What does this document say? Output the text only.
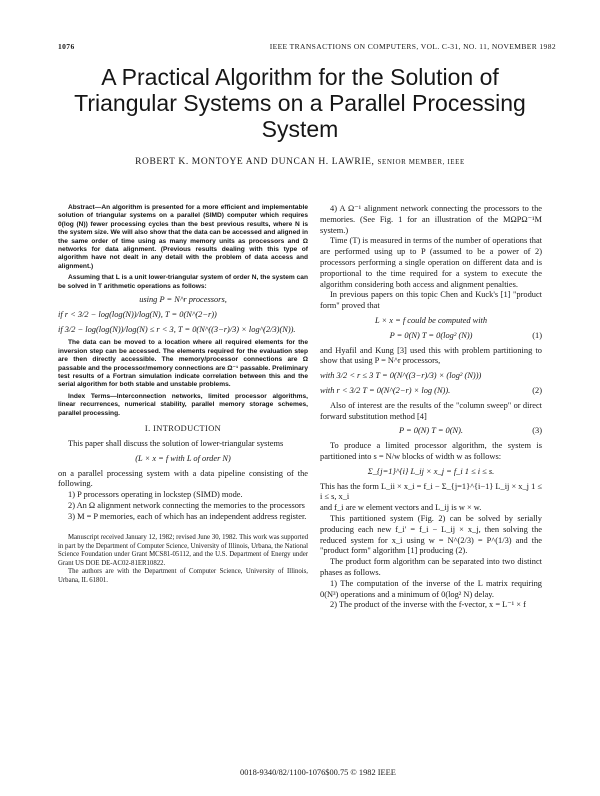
1076	IEEE TRANSACTIONS ON COMPUTERS, VOL. C-31, NO. 11, NOVEMBER 1982
A Practical Algorithm for the Solution of Triangular Systems on a Parallel Processing System
ROBERT K. MONTOYE AND DUNCAN H. LAWRIE, SENIOR MEMBER, IEEE

Abstract—An algorithm is presented for a more efficient and implementable solution of triangular systems on a parallel (SIMD) computer which requires 0(log (N)) fewer processing cycles than the best previous results, where N is the system size. We will also show that the data can be accessed and aligned in the same order of time using as many memory units as processors and Ω networks for data alignment. (Previous results dealing with this type of algorithm have not dealt in any detail with the problem of data access and alignment.)

Assuming that L is a unit lower-triangular system of order N, the system can be solved in T arithmetic operations as follows:

using P = N^r processors,
if r < 3/2 − log(log(N))/log(N), T = 0(N^(2−r))
if 3/2 − log(log(N))/log(N) ≤ r < 3, T = 0(N^((3−r)/3) × log^(2/3)(N)).

The data can be moved to a location where all required elements for the inversion step can be accessed. The elements required for the evaluation step are then directly accessible. The memory/processor connections are Ω passable and the processor/memory connections are Ω⁻¹ passable. Preliminary test results of a Fortran simulation indicate correlation between this and the serial algorithm for both stable and unstable problems.

Index Terms—Interconnection networks, limited processor algorithms, linear recurrences, numerical stability, parallel memory storage schemes, parallel processing.

I. INTRODUCTION

This paper shall discuss the solution of lower-triangular systems

(L × x = f with L of order N)

on a parallel processing system with a data pipeline consisting of the following.

1) P processors operating in lockstep (SIMD) mode.

2) An Ω alignment network connecting the memories to the processors

3) M = P memories, each of which has an independent address register.

Manuscript received January 12, 1982; revised June 30, 1982. This work was supported in part by the Department of Computer Science, University of Illinois, Urbana, the National Science Foundation under Grant MCS81-05112, and the U.S. Department of Energy under Grant US DOE DE-AC02-81ER10822.

The authors are with the Department of Computer Science, University of Illinois, Urbana, IL 61801.

4) A Ω⁻¹ alignment network connecting the processors to the memories. (See Fig. 1 for an illustration of the MΩPΩ⁻¹M system.)

Time (T) is measured in terms of the number of operations that are performed using up to P (assumed to be a power of 2) processors performing a single operation on different data and is proportional to the time required for a system to execute the algorithm considering both access and alignment penalties.

In previous papers on this topic Chen and Kuck's [1] "product form" proved that

L × x = f could be computed with
P = 0(N) T = 0(log² (N))	(1)

and Hyafil and Kung [3] used this with problem partitioning to show that using P = N^r processors,

with 3/2 < r ≤ 3 T = 0(N^((3−r)/3) × (log² (N)))
with r < 3/2 T = 0(N^(2−r) × log (N)).	(2)

Also of interest are the results of the "column sweep" or direct forward substitution method [4]

P = 0(N) T = 0(N).	(3)

To produce a limited processor algorithm, the system is partitioned into s = N/w blocks of width w as follows:

Σ_{j=1}^{i} L_ij × x_j = f_i 1 ≤ i ≤ s.

This has the form L_ii × x_i = f_i − Σ_{j=1}^{i−1} L_ij × x_j 1 ≤ i ≤ s, x_i

and f_i are w element vectors and L_ij is w × w.

This partitioned system (Fig. 2) can be solved by serially producing each new f_i′ = f_i − L_ij × x_j, then solving the reduced system for x_i using w = N^(2/3) = P^(1/3) and the "product form" algorithm [1] producing (2).

The product form algorithm can be separated into two distinct phases as follows.

1) The computation of the inverse of the L matrix requiring 0(N³) operations and a minimum of 0(log² N) delay.

2) The product of the inverse with the f-vector, x = L⁻¹ × f

0018-9340/82/1100-1076$00.75 © 1982 IEEE
